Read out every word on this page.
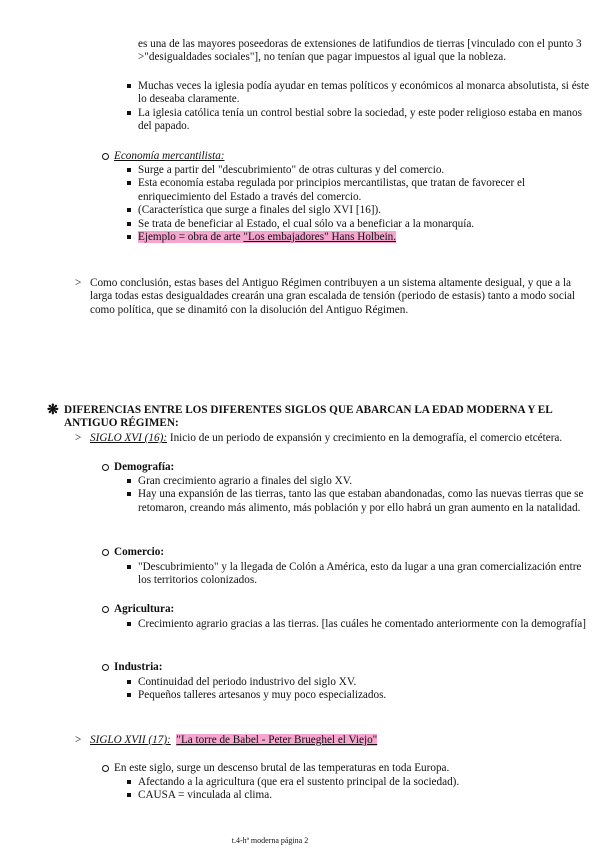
es una de las mayores poseedoras de extensiones de latifundios de tierras [vinculado con el punto 3 >"desigualdades sociales"], no tenían que pagar impuestos al igual que la nobleza.
Muchas veces la iglesia podía ayudar en temas políticos y económicos al monarca absolutista, si éste lo deseaba claramente.
La iglesia católica tenía un control bestial sobre la sociedad, y este poder religioso estaba en manos del papado.
Economía mercantilista:
Surge a partir del "descubrimiento" de otras culturas y del comercio.
Esta economía estaba regulada por principios mercantilistas, que tratan de favorecer el enriquecimiento del Estado a través del comercio.
(Característica que surge a finales del siglo XVI [16]).
Se trata de beneficiar al Estado, el cual sólo va a beneficiar a la monarquía.
Ejemplo = obra de arte "Los embajadores" Hans Holbein.
> Como conclusión, estas bases del Antiguo Régimen contribuyen a un sistema altamente desigual, y que a la larga todas estas desigualdades crearán una gran escalada de tensión (periodo de estasis) tanto a modo social como política, que se dinamitó con la disolución del Antiguo Régimen.
❋ DIFERENCIAS ENTRE LOS DIFERENTES SIGLOS QUE ABARCAN LA EDAD MODERNA Y EL ANTIGUO RÉGIMEN:
> SIGLO XVI (16): Inicio de un periodo de expansión y crecimiento en la demografía, el comercio etcétera.
Demografía:
Gran crecimiento agrario a finales del siglo XV.
Hay una expansión de las tierras, tanto las que estaban abandonadas, como las nuevas tierras que se retomaron, creando más alimento, más población y por ello habrá un gran aumento en la natalidad.
Comercio:
"Descubrimiento" y la llegada de Colón a América, esto da lugar a una gran comercialización entre los territorios colonizados.
Agricultura:
Crecimiento agrario gracias a las tierras. [las cuáles he comentado anteriormente con la demografía]
Industria:
Continuidad del periodo industrivo del siglo XV.
Pequeños talleres artesanos y muy poco especializados.
> SIGLO XVII (17): "La torre de Babel - Peter Brueghel el Viejo"
En este siglo, surge un descenso brutal de las temperaturas en toda Europa.
Afectando a la agricultura (que era el sustento principal de la sociedad).
CAUSA = vinculada al clima.
t.4-hª moderna página 2
